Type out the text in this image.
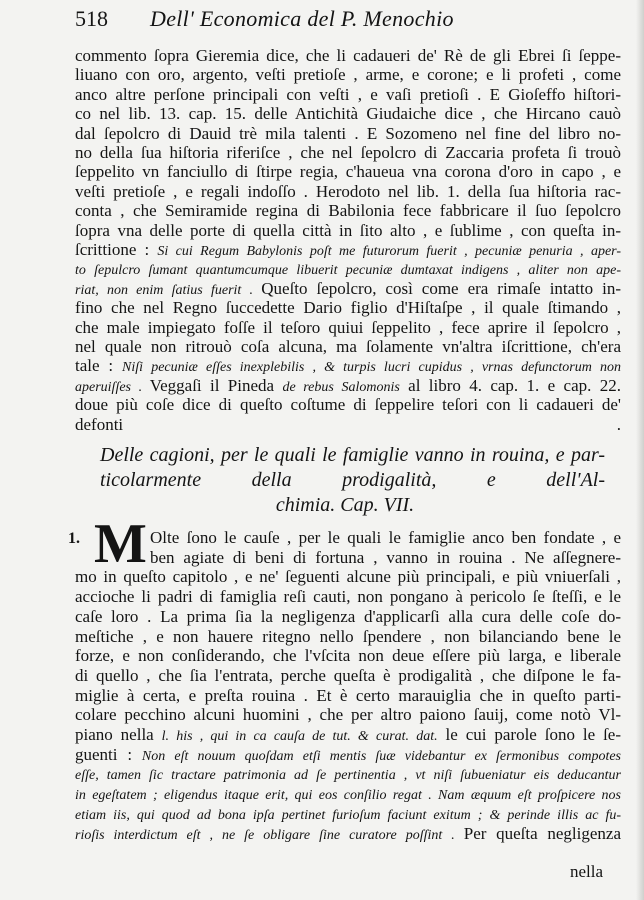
518 Dell' Economica del P. Menochio
commento ſopra Gieremia dice, che li cadaueri de' Rè de gli Ebrei ſi ſeppe-
liuano con oro, argento, veſti pretioſe , arme, e corone; e li profeti , come
anco altre perſone principali con veſti , e vaſi pretioſi . E Gioſeffo hiſtori-
co nel lib. 13. cap. 15. delle Antichità Giudaiche dice , che Hircano cauò
dal ſepolcro di Dauid trè mila talenti . E Sozomeno nel fine del libro no-
no della ſua hiſtoria riferiſce , che nel ſepolcro di Zaccaria profeta ſi trouò
ſeppelito vn fanciullo di ſtirpe regia, c'haueua vna corona d'oro in capo , e
veſti pretioſe , e regali indoſſo . Herodoto nel lib. 1. della ſua hiſtoria rac-
conta , che Semiramide regina di Babilonia fece fabbricare il ſuo ſepolcro
ſopra vna delle porte di quella città in ſito alto , e ſublime , con queſta in-
ſcrittione : Si cui Regum Babylonis poſt me futurorum fuerit , pecuniæ penuria , aper-
to ſepulcro ſumant quantumcumque libuerit pecuniæ dumtaxat indigens , aliter non ape-
riat, non enim ſatius fuerit . Queſto ſepolcro, così come era rimaſe intatto in-
fino che nel Regno ſuccedette Dario figlio d'Hiſtaſpe , il quale ſtimando ,
che male impiegato foſſe il teſoro quiui ſeppelito , fece aprire il ſepolcro ,
nel quale non ritrouò coſa alcuna, ma ſolamente vn'altra iſcrittione, ch'era
tale : Niſi pecuniæ eſſes inexplebilis , & turpis lucri cupidus , vrnas defunctorum non
aperuiſſes . Veggaſi il Pineda de rebus Salomonis al libro 4. cap. 1. e cap. 22.
doue più coſe dice di queſto coſtume di ſeppelire teſori con li cadaueri de'
defonti .
Delle cagioni, per le quali le famiglie vanno in rouina, e par-
ticolarmente della prodigalità, e dell'Al-
chimia. Cap. VII.
1. M Olte ſono le cauſe , per le quali le famiglie anco ben fondate , e
ben agiate di beni di fortuna , vanno in rouina . Ne aſſegnere-
mo in queſto capitolo , e ne' ſeguenti alcune più principali, e più vniuerſali ,
accioche li padri di famiglia reſi cauti, non pongano à pericolo ſe ſteſſi, e le
caſe loro . La prima ſia la negligenza d'applicarſi alla cura delle coſe do-
meſtiche , e non hauere ritegno nello ſpendere , non bilanciando bene le
forze, e non conſiderando, che l'vſcita non deue eſſere più larga, e liberale
di quello , che ſia l'entrata, perche queſta è prodigalità , che diſpone le fa-
miglie à certa, e preſta rouina . Et è certo marauiglia che in queſto parti-
colare pecchino alcuni huomini , che per altro paiono ſauij, come notò Vl-
piano nella l. his , qui in ca cauſa de tut. & curat. dat. le cui parole ſono le ſe-
guenti : Non eſt nouum quoſdam etſi mentis ſuæ videbantur ex ſermonibus compotes
eſſe, tamen ſic tractare patrimonia ad ſe pertinentia , vt niſi ſubueniatur eis deducantur
in egeſtatem ; eligendus itaque erit, qui eos conſilio regat . Nam æquum eſt proſpicere nos
etiam iis, qui quod ad bona ipſa pertinet furioſum faciunt exitum ; & perinde illis ac fu-
rioſis interdictum eſt , ne ſe obligare ſine curatore poſſint . Per queſta negligenza
nella
